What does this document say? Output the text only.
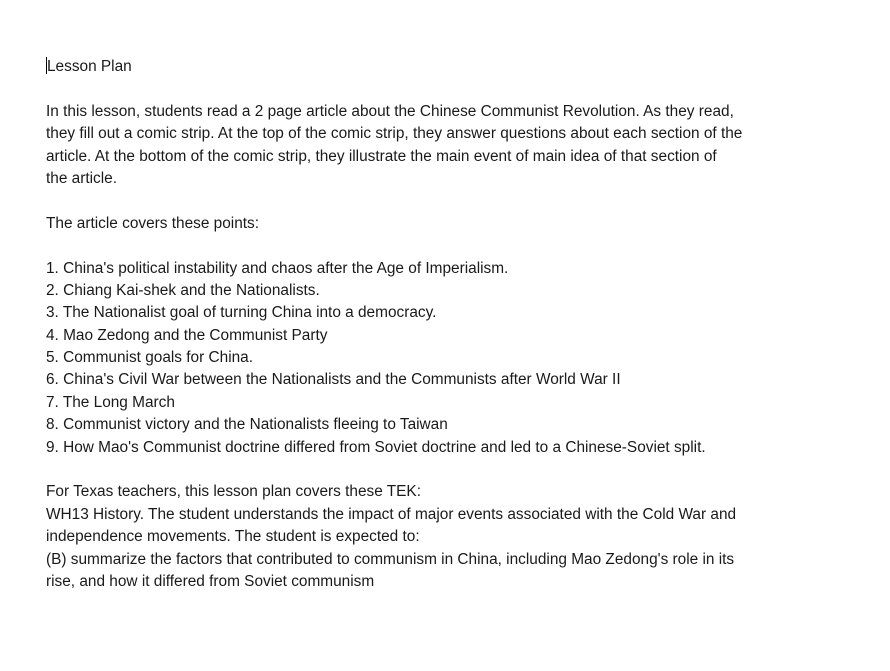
Lesson Plan
In this lesson, students read a 2 page article about the Chinese Communist Revolution. As they read,
they fill out a comic strip. At the top of the comic strip, they answer questions about each section of the
article. At the bottom of the comic strip, they illustrate the main event of main idea of that section of
the article.
The article covers these points:
1. China's political instability and chaos after the Age of Imperialism.
2. Chiang Kai-shek and the Nationalists.
3. The Nationalist goal of turning China into a democracy.
4. Mao Zedong and the Communist Party
5. Communist goals for China.
6. China's Civil War between the Nationalists and the Communists after World War II
7. The Long March
8. Communist victory and the Nationalists fleeing to Taiwan
9. How Mao's Communist doctrine differed from Soviet doctrine and led to a Chinese-Soviet split.
For Texas teachers, this lesson plan covers these TEK:
WH13 History. The student understands the impact of major events associated with the Cold War and
independence movements. The student is expected to:
(B) summarize the factors that contributed to communism in China, including Mao Zedong's role in its
rise, and how it differed from Soviet communism
